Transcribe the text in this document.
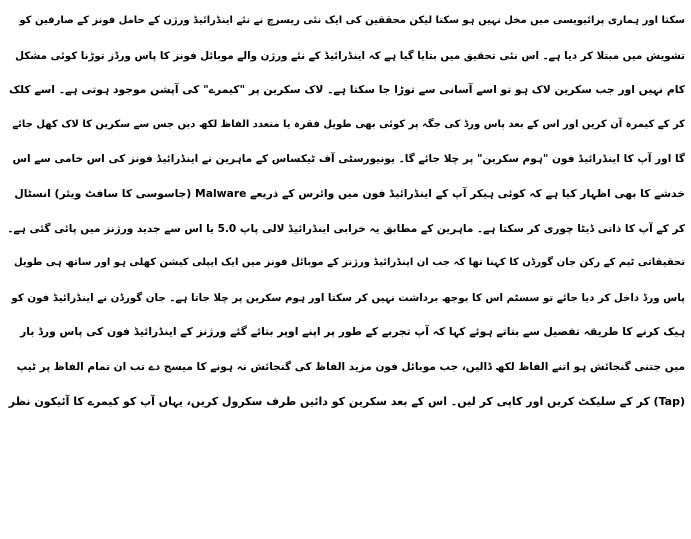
سکتا اور ہماری پرائیویسی میں مخل نہیں ہو سکتا لیکن محققین کی ایک نئی ریسرچ نے نئے اینڈرائیڈ ورژن کے حامل فونز کے صارفین کو
تشویش میں مبتلا کر دیا ہے۔ اس نئی تحقیق میں بتایا گیا ہے کہ اینڈرائیڈ کے نئے ورژن والے موبائل فونز کا پاس ورڈز توڑنا کوئی مشکل
کام نہیں اور جب سکرین لاک ہو تو اسے آسانی سے توڑا جا سکتا ہے۔ لاک سکرین پر "کیمرے" کی آپشن موجود ہوتی ہے۔ اسے کلک
کر کے کیمرہ آن کریں اور اس کے بعد پاس ورڈ کی جگہ پر کوئی بھی طویل فقرہ یا متعدد الفاظ لکھ دیں جس سے سکرین کا لاک کھل جائے
گا اور آپ کا اینڈرائیڈ فون "ہوم سکرین" پر چلا جائے گا۔ یونیورسٹی آف ٹیکساس کے ماہرین نے اینڈرائیڈ فونز کی اس خامی سے اس
خدشے کا بھی اظہار کیا ہے کہ کوئی ہیکر آپ کے اینڈرائیڈ فون میں وائرس کے ذریعے Malware (جاسوسی کا سافٹ ویئر) انسٹال
کر کے آپ کا ذاتی ڈیٹا چوری کر سکتا ہے۔ ماہرین کے مطابق یہ خرابی اینڈرائیڈ لالی پاپ 5.0 یا اس سے جدید ورژنز میں پائی گئی ہے۔
تحقیقاتی ٹیم کے رکن جان گورڈن کا کہنا تھا کہ جب ان اینڈرائیڈ ورژنز کے موبائل فونز میں ایک ایپلی کیشن کھلی ہو اور ساتھ ہی طویل
پاس ورڈ داخل کر دیا جائے تو سسٹم اس کا بوجھ برداشت نہیں کر سکتا اور ہوم سکرین پر چلا جاتا ہے۔ جان گورڈن نے اینڈرائیڈ فون کو
ہیک کرنے کا طریقہ تفصیل سے بتاتے ہوئے کہا کہ آپ تجربے کے طور پر اپنے اوپر بتائے گئے ورژنز کے اینڈرائیڈ فون کی پاس ورڈ بار
میں جتنی گنجائش ہو اتنے الفاظ لکھ ڈالیں، جب موبائل فون مزید الفاظ کی گنجائش نہ ہونے کا میسج دے تب ان تمام الفاظ پر ٹیپ
(Tap) کر کے سلیکٹ کریں اور کاپی کر لیں۔ اس کے بعد سکرین کو دائیں طرف سکرول کریں، یہاں آپ کو کیمرے کا آئیکون نظر
